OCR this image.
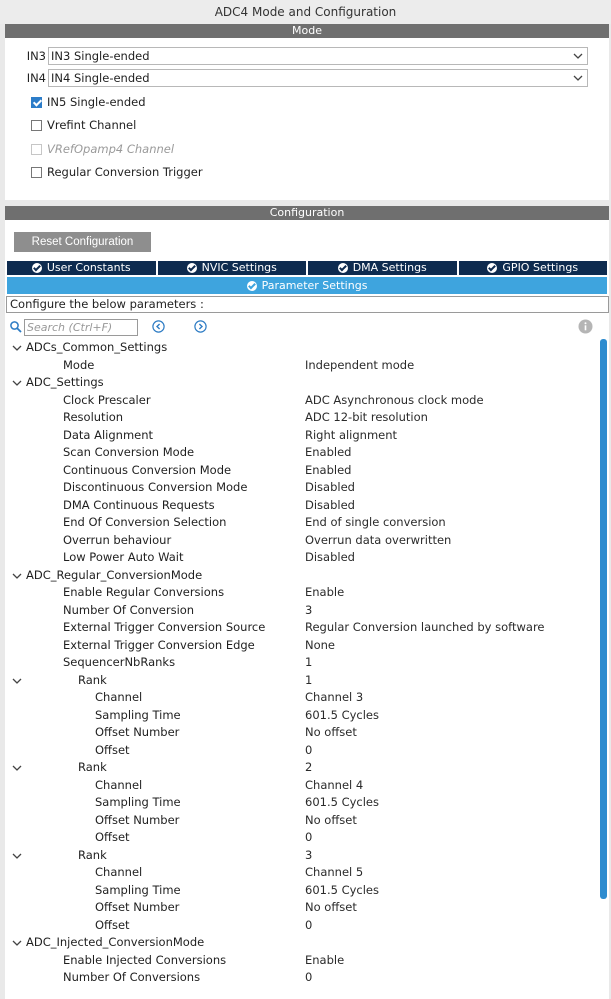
ADC4 Mode and Configuration
Mode
IN3 IN3 Single-ended
IN4 IN4 Single-ended
IN5 Single-ended
Vrefint Channel
VRefOpamp4 Channel
Regular Conversion Trigger
Configuration
Reset Configuration
User Constants	NVIC Settings	DMA Settings	GPIO Settings
Parameter Settings
Configure the below parameters :
Search (Ctrl+F)
ADCs_Common_Settings
Mode	Independent mode
ADC_Settings
Clock Prescaler	ADC Asynchronous clock mode
Resolution	ADC 12-bit resolution
Data Alignment	Right alignment
Scan Conversion Mode	Enabled
Continuous Conversion Mode	Enabled
Discontinuous Conversion Mode	Disabled
DMA Continuous Requests	Disabled
End Of Conversion Selection	End of single conversion
Overrun behaviour	Overrun data overwritten
Low Power Auto Wait	Disabled
ADC_Regular_ConversionMode
Enable Regular Conversions	Enable
Number Of Conversion	3
External Trigger Conversion Source	Regular Conversion launched by software
External Trigger Conversion Edge	None
SequencerNbRanks	1
Rank	1
Channel	Channel 3
Sampling Time	601.5 Cycles
Offset Number	No offset
Offset	0
Rank	2
Channel	Channel 4
Sampling Time	601.5 Cycles
Offset Number	No offset
Offset	0
Rank	3
Channel	Channel 5
Sampling Time	601.5 Cycles
Offset Number	No offset
Offset	0
ADC_Injected_ConversionMode
Enable Injected Conversions	Enable
Number Of Conversions	0
